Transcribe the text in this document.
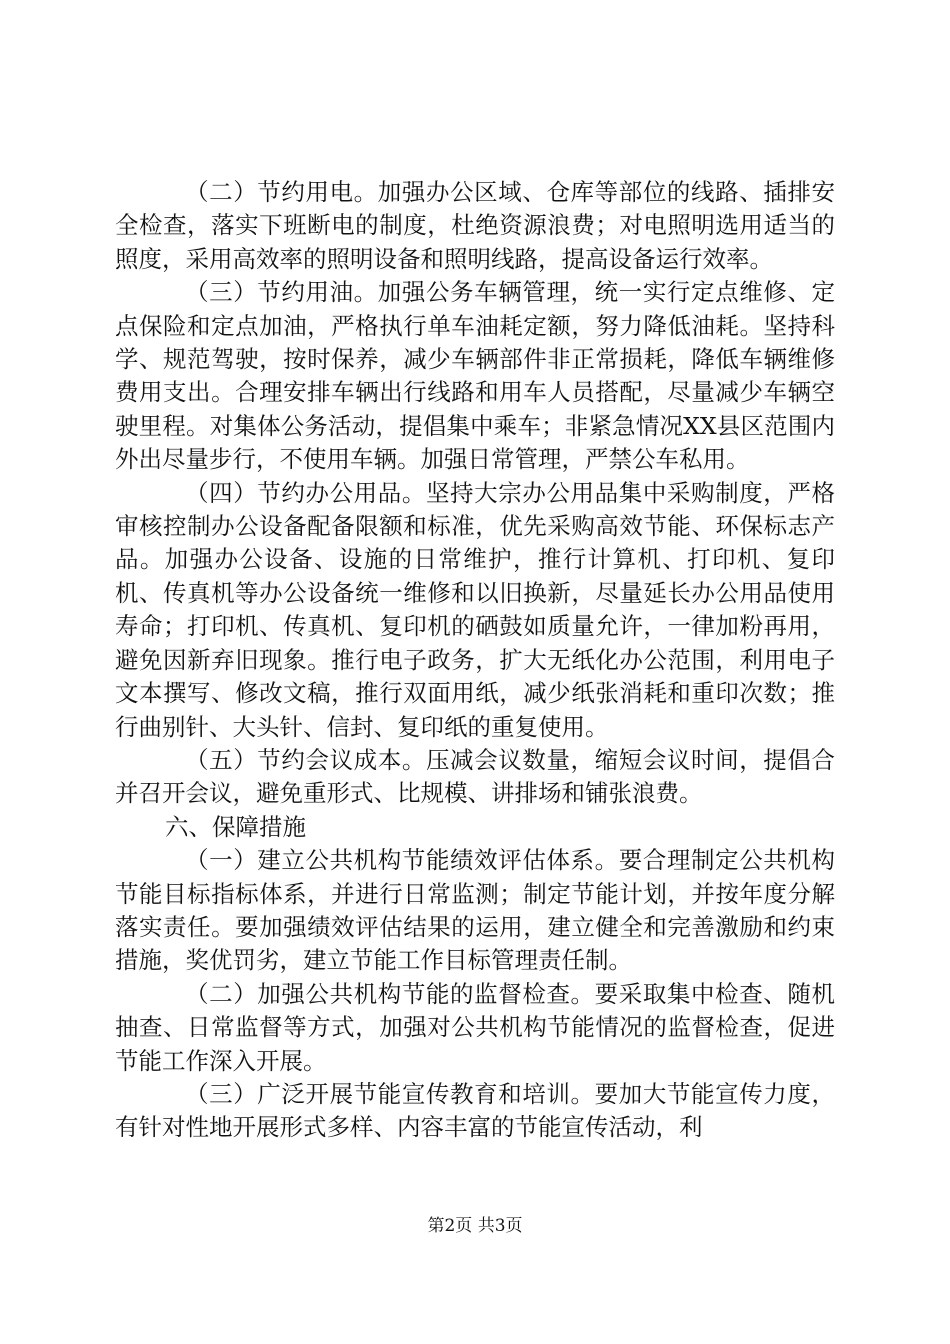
（二）节约用电。加强办公区域、仓库等部位的线路、插排安全检查，落实下班断电的制度，杜绝资源浪费；对电照明选用适当的照度，采用高效率的照明设备和照明线路，提高设备运行效率。

（三）节约用油。加强公务车辆管理，统一实行定点维修、定点保险和定点加油，严格执行单车油耗定额，努力降低油耗。坚持科学、规范驾驶，按时保养，减少车辆部件非正常损耗，降低车辆维修费用支出。合理安排车辆出行线路和用车人员搭配，尽量减少车辆空驶里程。对集体公务活动，提倡集中乘车；非紧急情况XX县区范围内外出尽量步行，不使用车辆。加强日常管理，严禁公车私用。

（四）节约办公用品。坚持大宗办公用品集中采购制度，严格审核控制办公设备配备限额和标准，优先采购高效节能、环保标志产品。加强办公设备、设施的日常维护，推行计算机、打印机、复印机、传真机等办公设备统一维修和以旧换新，尽量延长办公用品使用寿命；打印机、传真机、复印机的硒鼓如质量允许，一律加粉再用，避免因新弃旧现象。推行电子政务，扩大无纸化办公范围，利用电子文本撰写、修改文稿，推行双面用纸，减少纸张消耗和重印次数；推行曲别针、大头针、信封、复印纸的重复使用。

（五）节约会议成本。压减会议数量，缩短会议时间，提倡合并召开会议，避免重形式、比规模、讲排场和铺张浪费。

六、保障措施

（一）建立公共机构节能绩效评估体系。要合理制定公共机构节能目标指标体系，并进行日常监测；制定节能计划，并按年度分解落实责任。要加强绩效评估结果的运用，建立健全和完善激励和约束措施，奖优罚劣，建立节能工作目标管理责任制。

（二）加强公共机构节能的监督检查。要采取集中检查、随机抽查、日常监督等方式，加强对公共机构节能情况的监督检查，促进节能工作深入开展。

（三）广泛开展节能宣传教育和培训。要加大节能宣传力度，有针对性地开展形式多样、内容丰富的节能宣传活动，利

第2页 共3页
